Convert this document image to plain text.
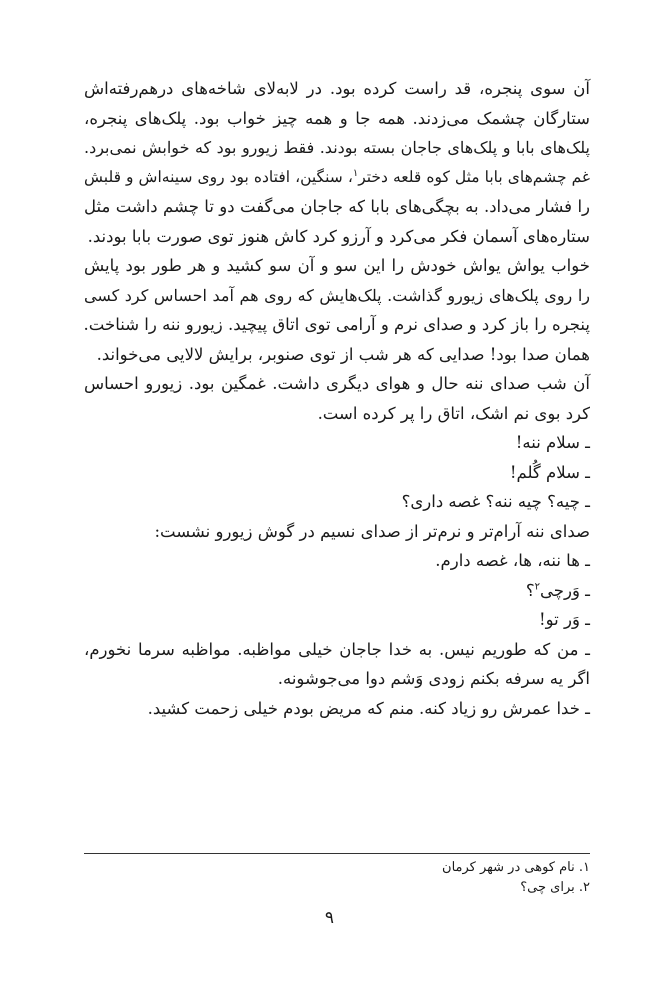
آن سوی پنجره، قد راست کرده بود. در لابه‌لای شاخه‌های درهم‌رفته‌اش
ستارگان چشمک می‌زدند. همه جا و همه چیز خواب بود. پلک‌های پنجره،
پلک‌های بابا و پلک‌های جاجان بسته بودند. فقط زیورو بود که خوابش نمی‌برد.
غم چشم‌های بابا مثل کوه قلعه دختر$^۱$، سنگین، افتاده بود روی سینه‌اش و قلبش
را فشار می‌داد. به بچگی‌های بابا که جاجان می‌گفت دو تا چشم داشت مثل
ستاره‌های آسمان فکر می‌کرد و آرزو کرد کاش هنوز توی صورت بابا بودند.
خواب یواش یواش خودش را این سو و آن سو کشید و هر طور بود پایش
را روی پلک‌های زیورو گذاشت. پلک‌هایش که روی هم آمد احساس کرد کسی
پنجره را باز کرد و صدای نرم و آرامی توی اتاق پیچید. زیورو ننه را شناخت.
همان صدا بود! صدایی که هر شب از توی صنوبر، برایش لالایی می‌خواند.
آن شب صدای ننه حال و هوای دیگری داشت. غمگین بود. زیورو احساس
کرد بوی نم اشک، اتاق را پر کرده است.
ـ سلام ننه!
ـ سلام گُلم!
ـ چیه؟ چیه ننه؟ غصه داری؟
صدای ننه آرام‌تر و نرم‌تر از صدای نسیم در گوش زیورو نشست:
ـ ها ننه، ها، غصه دارم.
ـ وَرچی$^۲$؟
ـ وَر تو!
ـ من که طوریم نیس. به خدا جاجان خیلی مواظبه. مواظبه سرما نخورم،
اگر یه سرفه بکنم زودی وَشم دوا می‌جوشونه.
ـ خدا عمرش رو زیاد کنه. منم که مریض بودم خیلی زحمت کشید.
۱. نام کوهی در شهر کرمان
۲. برای چی؟
۹
